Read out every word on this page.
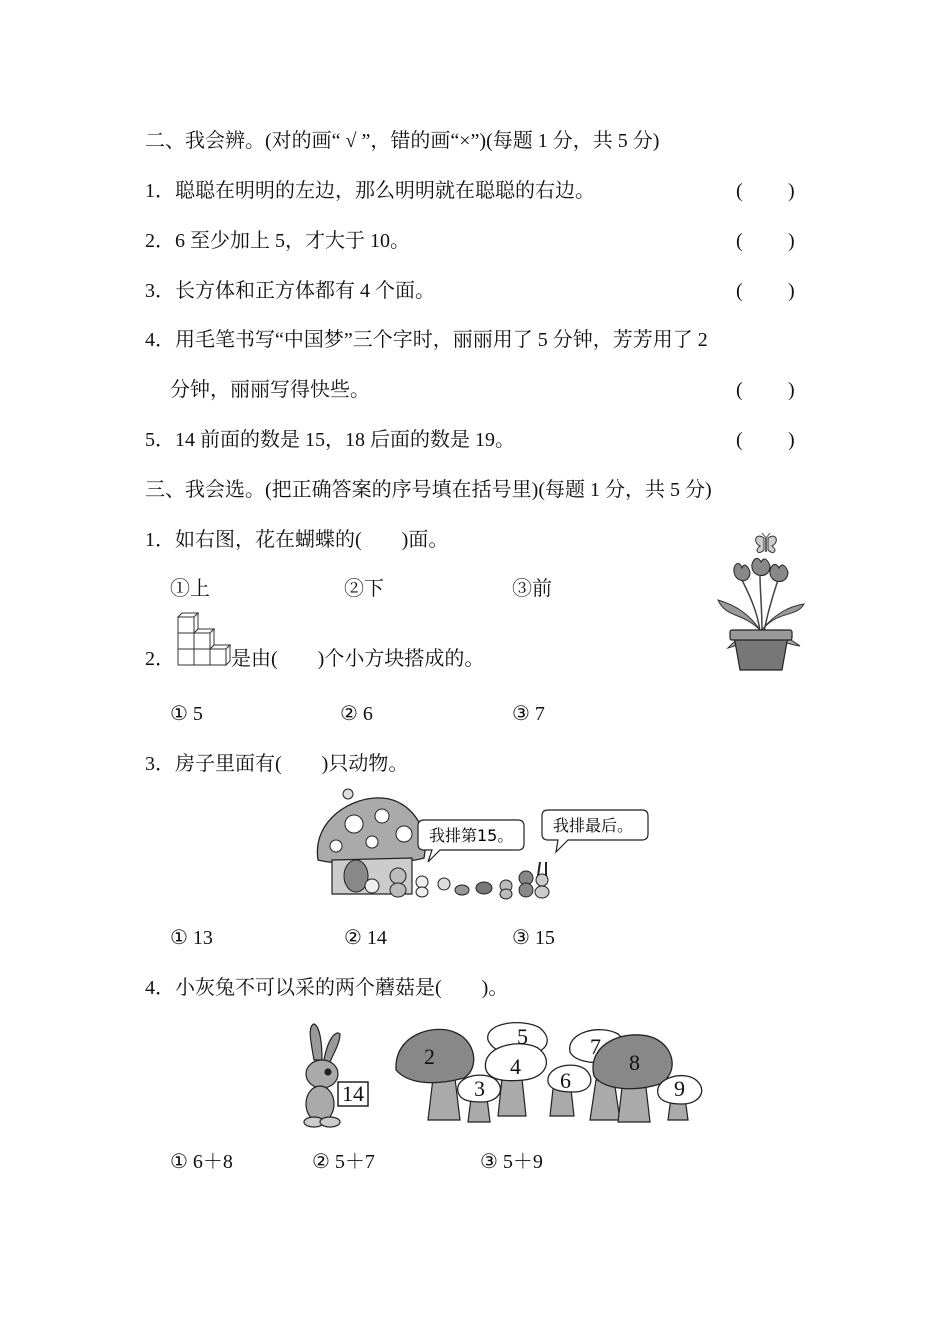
二、我会辨。(对的画“ √ ”，错的画“×”)(每题 1 分，共 5 分)
1．聪聪在明明的左边，那么明明就在聪聪的右边。	( )
2．6 至少加上 5，才大于 10。	( )
3．长方体和正方体都有 4 个面。	( )
4．用毛笔书写“中国梦”三个字时，丽丽用了 5 分钟，芳芳用了 2
分钟，丽丽写得快些。	( )
5．14 前面的数是 15，18 后面的数是 19。	( )
三、我会选。(把正确答案的序号填在括号里)(每题 1 分，共 5 分)
1．如右图，花在蝴蝶的(　　)面。
①上	②下	③前
2．	是由(　　)个小方块搭成的。
① 5	② 6	③ 7
3．房子里面有(　　)只动物。
我排第15。
我排最后。
① 13	② 14	③ 15
4．小灰兔不可以采的两个蘑菇是(　　)。
14
2
5
4
3	6
7
8
9
① 6＋8	② 5＋7	③ 5＋9
